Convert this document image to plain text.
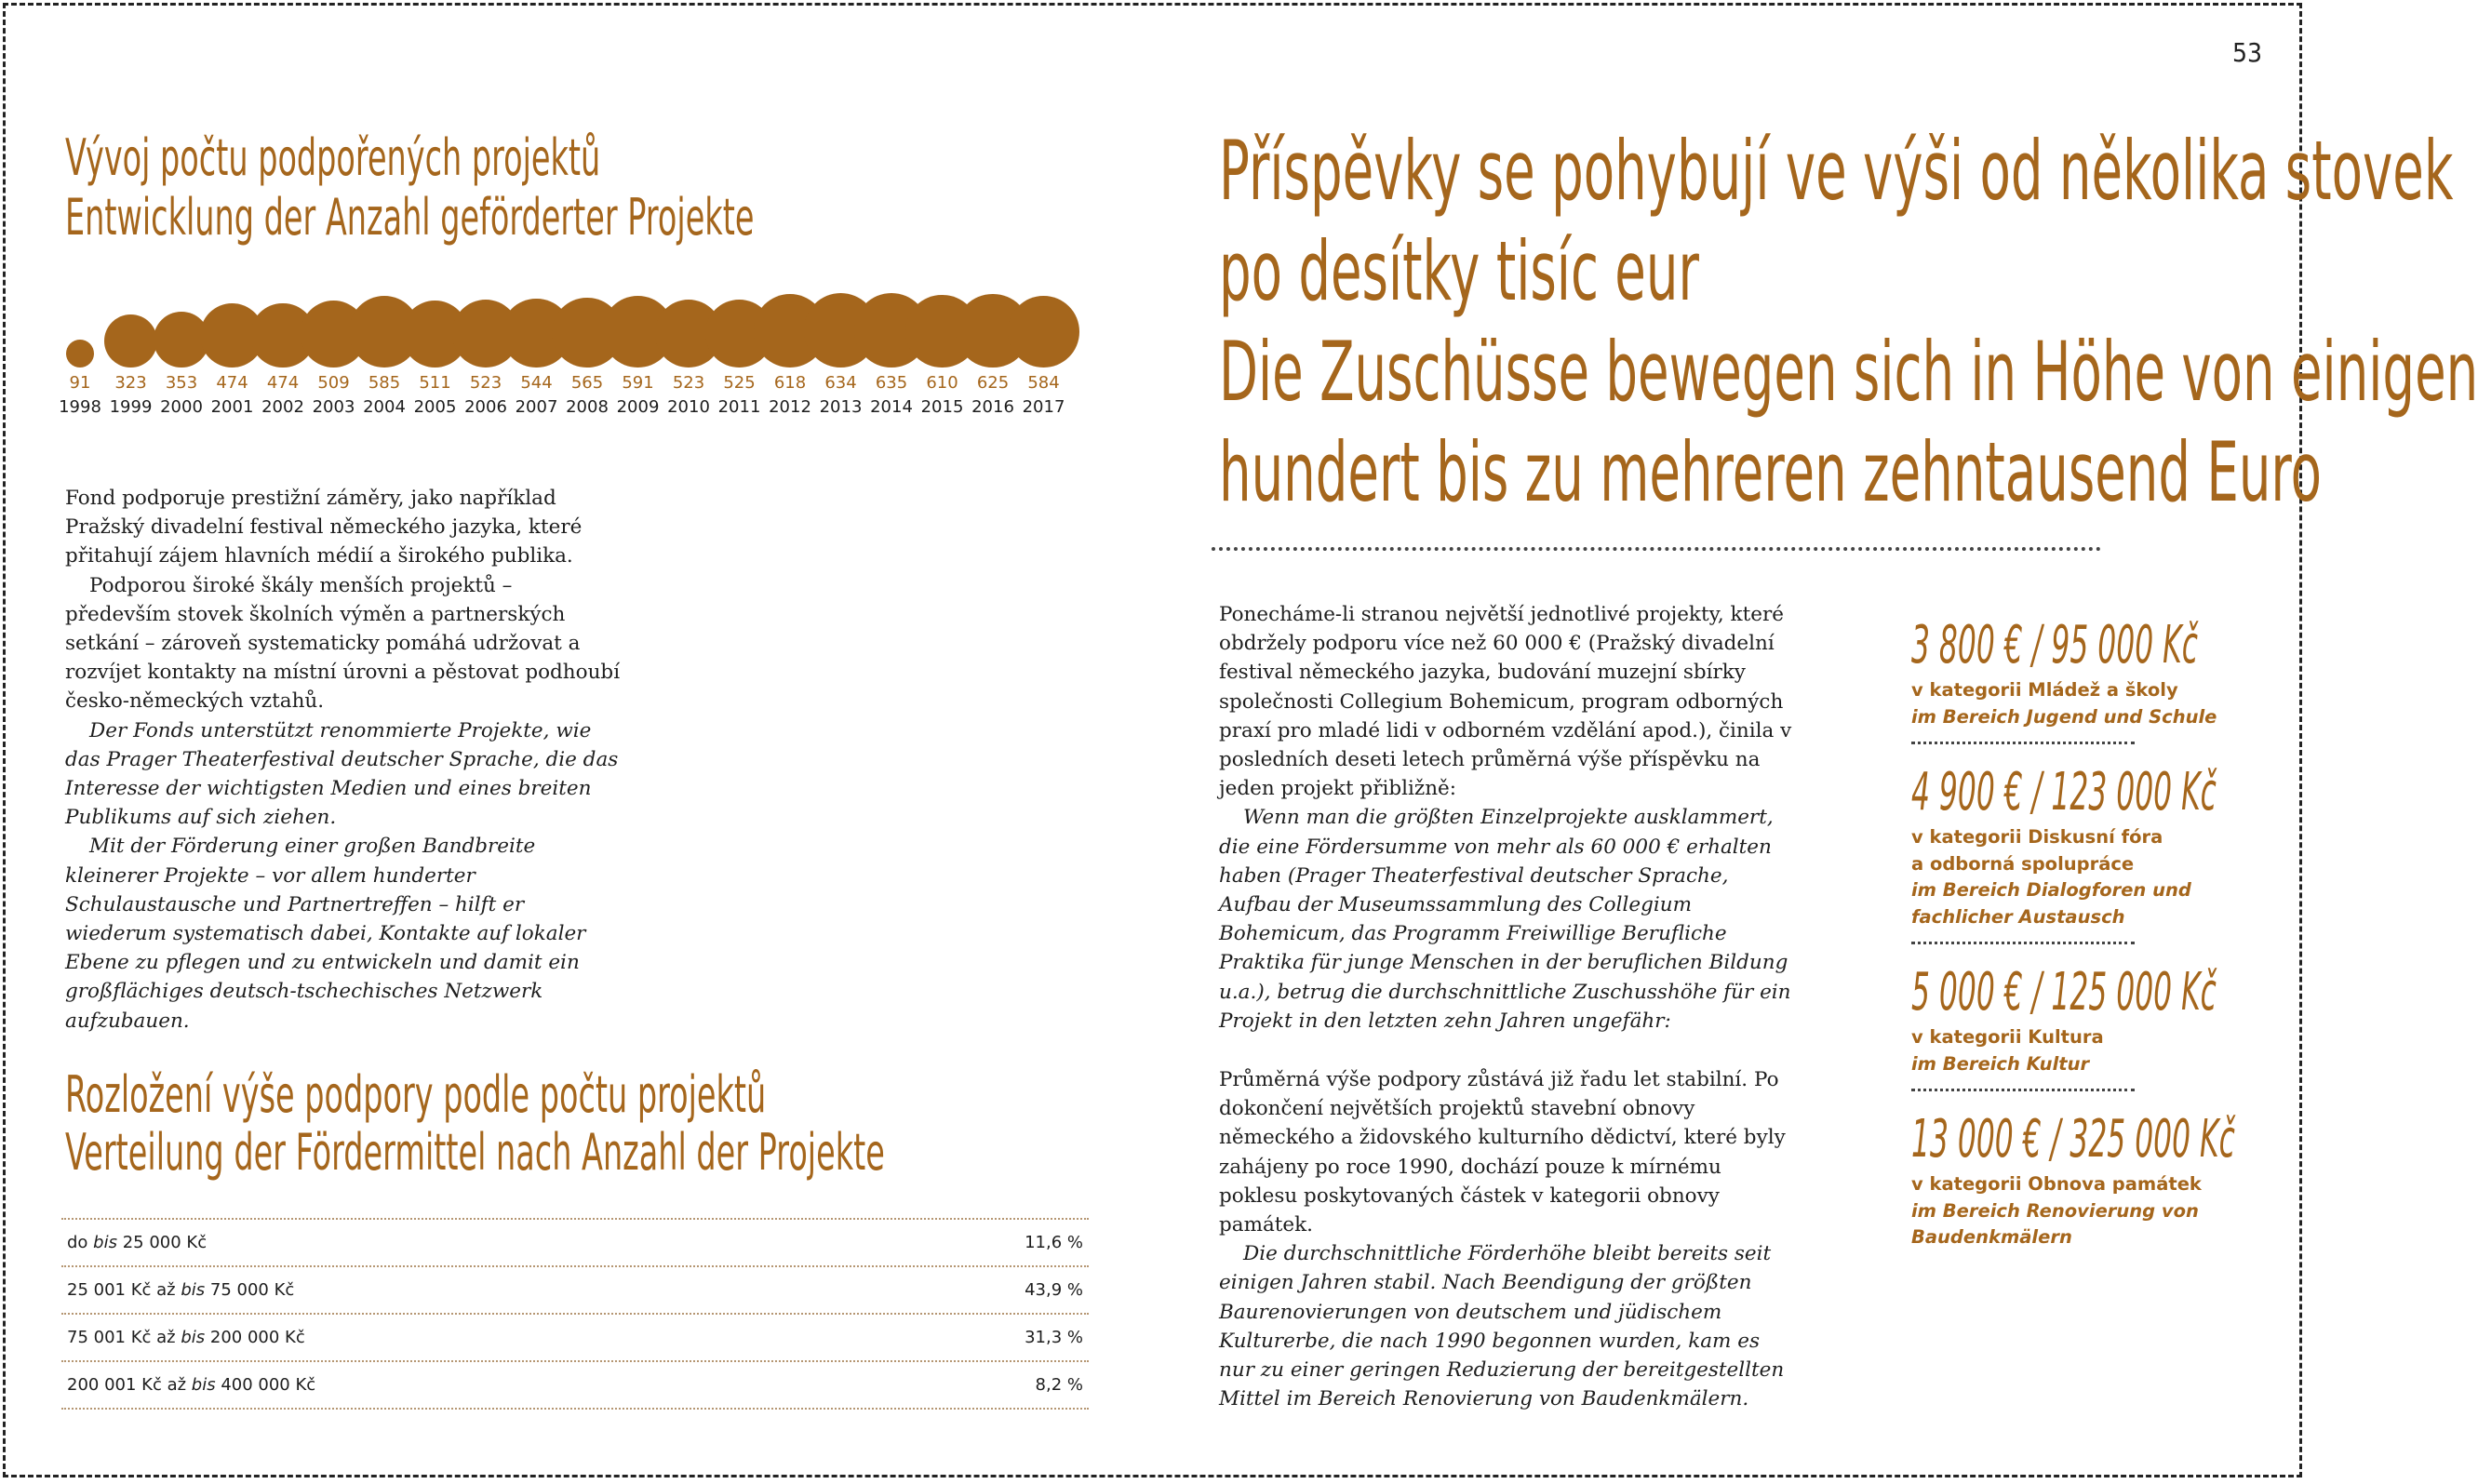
53
Vývoj počtu podpořených projektů
Entwicklung der Anzahl geförderter Projekte
91
1998
323
1999
353
2000
474
2001
474
2002
509
2003
585
2004
511
2005
523
2006
544
2007
565
2008
591
2009
523
2010
525
2011
618
2012
634
2013
635
2014
610
2015
625
2016
584
2017

Fond podporuje prestižní záměry, jako například Pražský divadelní festival německého jazyka, které přitahují zájem hlavních médií a širokého publika.

Podporou široké škály menších projektů – především stovek školních výměn a partnerských setkání – zároveň systematicky pomáhá udržovat a rozvíjet kontakty na místní úrovni a pěstovat podhoubí česko-německých vztahů.

Der Fonds unterstützt renommierte Projekte, wie das Prager Theaterfestival deutscher Sprache, die das Interesse der wichtigsten Medien und eines breiten Publikums auf sich ziehen.

Mit der Förderung einer großen Bandbreite kleinerer Projekte – vor allem hunderter Schulaustausche und Partnertreffen – hilft er wiederum systematisch dabei, Kontakte auf lokaler Ebene zu pflegen und zu entwickeln und damit ein großflächiges deutsch-tschechisches Netzwerk aufzubauen.

Rozložení výše podpory podle počtu projektů
Verteilung der Fördermittel nach Anzahl der Projekte
do bis 25 000 Kč	11,6 %
25 001 Kč až bis 75 000 Kč	43,9 %
75 001 Kč až bis 200 000 Kč	31,3 %
200 001 Kč až bis 400 000 Kč	8,2 %
Příspěvky se pohybují ve výši od několika stovek
po desítky tisíc eur
Die Zuschüsse bewegen sich in Höhe von einigen
hundert bis zu mehreren zehntausend Euro

Ponecháme-li stranou největší jednotlivé projekty, které obdržely podporu více než 60 000 € (Pražský divadelní festival německého jazyka, budování muzejní sbírky společnosti Collegium Bohemicum, program odborných praxí pro mladé lidi v odborném vzdělání apod.), činila v posledních deseti letech průměrná výše příspěvku na jeden projekt přibližně:

Wenn man die größten Einzelprojekte ausklammert, die eine Fördersumme von mehr als 60 000 € erhalten haben (Prager Theaterfestival deutscher Sprache, Aufbau der Museumssammlung des Collegium Bohemicum, das Programm Freiwillige Berufliche Praktika für junge Menschen in der beruflichen Bildung u.a.), betrug die durchschnittliche Zuschusshöhe für ein Projekt in den letzten zehn Jahren ungefähr:

Průměrná výše podpory zůstává již řadu let stabilní. Po dokončení největších projektů stavební obnovy německého a židovského kulturního dědictví, které byly zahájeny po roce 1990, dochází pouze k mírnému poklesu poskytovaných částek v kategorii obnovy památek.

Die durchschnittliche Förderhöhe bleibt bereits seit einigen Jahren stabil. Nach Beendigung der größten Baurenovierungen von deutschem und jüdischem Kulturerbe, die nach 1990 begonnen wurden, kam es nur zu einer geringen Reduzierung der bereitgestellten Mittel im Bereich Renovierung von Baudenkmälern.

3 800 € / 95 000 Kč
v kategorii Mládež a školy
im Bereich Jugend und Schule
4 900 € / 123 000 Kč
v kategorii Diskusní fóra
a odborná spolupráce
im Bereich Dialogforen und
fachlicher Austausch
5 000 € / 125 000 Kč
v kategorii Kultura
im Bereich Kultur
13 000 € / 325 000 Kč
v kategorii Obnova památek
im Bereich Renovierung von
Baudenkmälern
